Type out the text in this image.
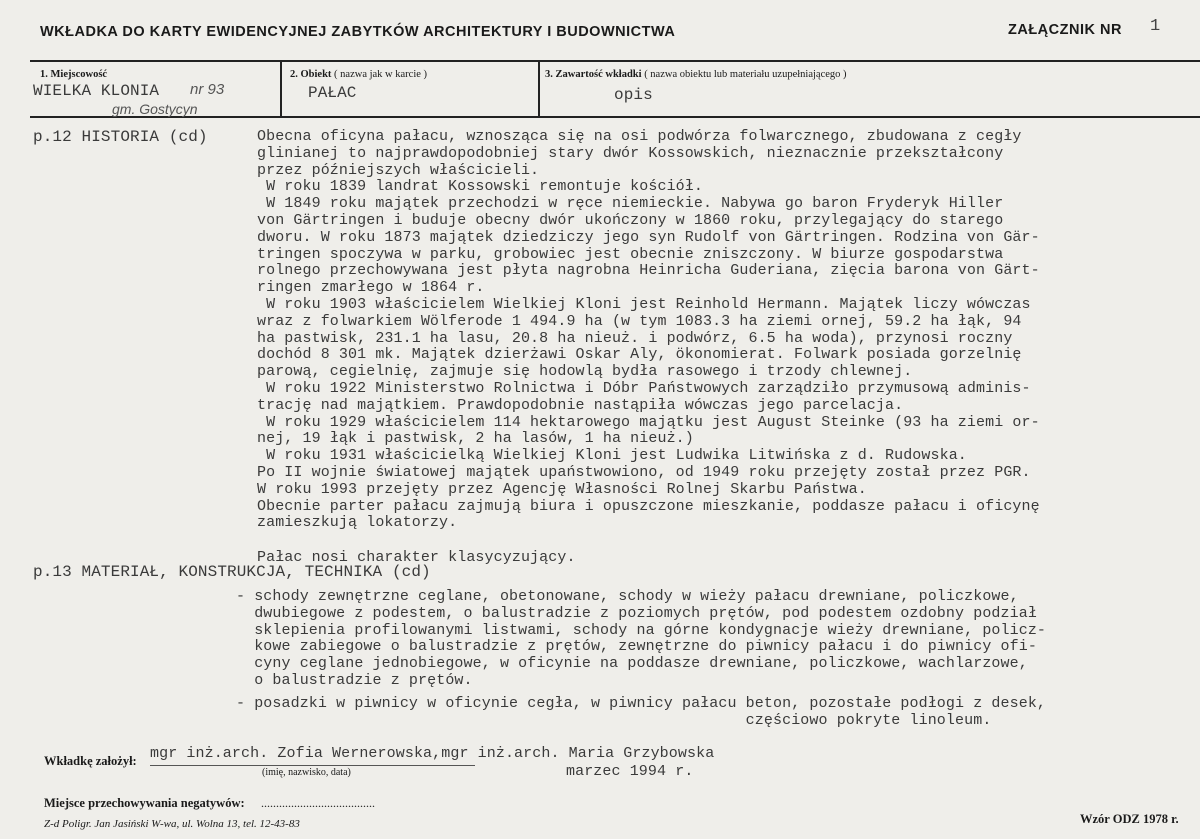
WKŁADKA DO KARTY EWIDENCYJNEJ ZABYTKÓW ARCHITEKTURY I BUDOWNICTWA	ZAŁĄCZNIK NR 1
1. Miejscowość
WIELKA KLONIA nr 93
gm. Gostycyn
2. Obiekt ( nazwa jak w karcie )
PAŁAC
3. Zawartość wkładki ( nazwa obiektu lub materiału uzupełniającego )
opis
p.12 HISTORIA (cd)	Obecna oficyna pałacu, wznosząca się na osi podwórza folwarcznego, zbudowana z cegły
glinianej to najprawdopodobniej stary dwór Kossowskich, nieznacznie przekształcony
przez późniejszych właścicieli.
W roku 1839 landrat Kossowski remontuje kościół.
W 1849 roku majątek przechodzi w ręce niemieckie. Nabywa go baron Fryderyk Hiller
von Gärtringen i buduje obecny dwór ukończony w 1860 roku, przylegający do starego
dworu. W roku 1873 majątek dziedziczy jego syn Rudolf von Gärtringen. Rodzina von Gär-
tringen spoczywa w parku, grobowiec jest obecnie zniszczony. W biurze gospodarstwa
rolnego przechowywana jest płyta nagrobna Heinricha Guderiana, zięcia barona von Gärt-
ringen zmarłego w 1864 r.
W roku 1903 właścicielem Wielkiej Kloni jest Reinhold Hermann. Majątek liczy wówczas
wraz z folwarkiem Wölferode 1 494.9 ha (w tym 1083.3 ha ziemi ornej, 59.2 ha łąk, 94
ha pastwisk, 231.1 ha lasu, 20.8 ha nieuż. i podwórz, 6.5 ha woda), przynosi roczny
dochód 8 301 mk. Majątek dzierżawi Oskar Aly, ökonomierat. Folwark posiada gorzelnię
parową, cegielnię, zajmuje się hodowlą bydła rasowego i trzody chlewnej.
W roku 1922 Ministerstwo Rolnictwa i Dóbr Państwowych zarządziło przymusową adminis-
trację nad majątkiem. Prawdopodobnie nastąpiła wówczas jego parcelacja.
W roku 1929 właścicielem 114 hektarowego majątku jest August Steinke (93 ha ziemi or-
nej, 19 łąk i pastwisk, 2 ha lasów, 1 ha nieuż.)
W roku 1931 właścicielką Wielkiej Kloni jest Ludwika Litwińska z d. Rudowska.
Po II wojnie światowej majątek upaństwowiono, od 1949 roku przejęty został przez PGR.
W roku 1993 przejęty przez Agencję Własności Rolnej Skarbu Państwa.
Obecnie parter pałacu zajmują biura i opuszczone mieszkanie, poddasze pałacu i oficynę
zamieszkują lokatorzy.
Pałac nosi charakter klasycyzujący.
p.13 MATERIAŁ, KONSTRUKCJA, TECHNIKA (cd)
- schody zewnętrzne ceglane, obetonowane, schody w wieży pałacu drewniane, policzkowe,
dwubiegowe z podestem, o balustradzie z poziomych prętów, pod podestem ozdobny podział
sklepienia profilowanymi listwami, schody na górne kondygnacje wieży drewniane, policz-
kowe zabiegowe o balustradzie z prętów, zewnętrzne do piwnicy pałacu i do piwnicy ofi-
cyny ceglane jednobiegowe, w oficynie na poddasze drewniane, policzkowe, wachlarzowe,
o balustradzie z prętów.
- posadzki w piwnicy w oficynie cegła, w piwnicy pałacu beton, pozostałe podłogi z desek,
częściowo pokryte linoleum.
Wkładkę założył: mgr inż.arch. Zofia Wernerowska,mgr inż.arch. Maria Grzybowska
(imię, nazwisko, data)	marzec 1994 r.
Miejsce przechowywania negatywów: ......................................
Z-d Poligr. Jan Jasiński W-wa, ul. Wolna 13, tel. 12-43-83	Wzór ODZ 1978 r.
